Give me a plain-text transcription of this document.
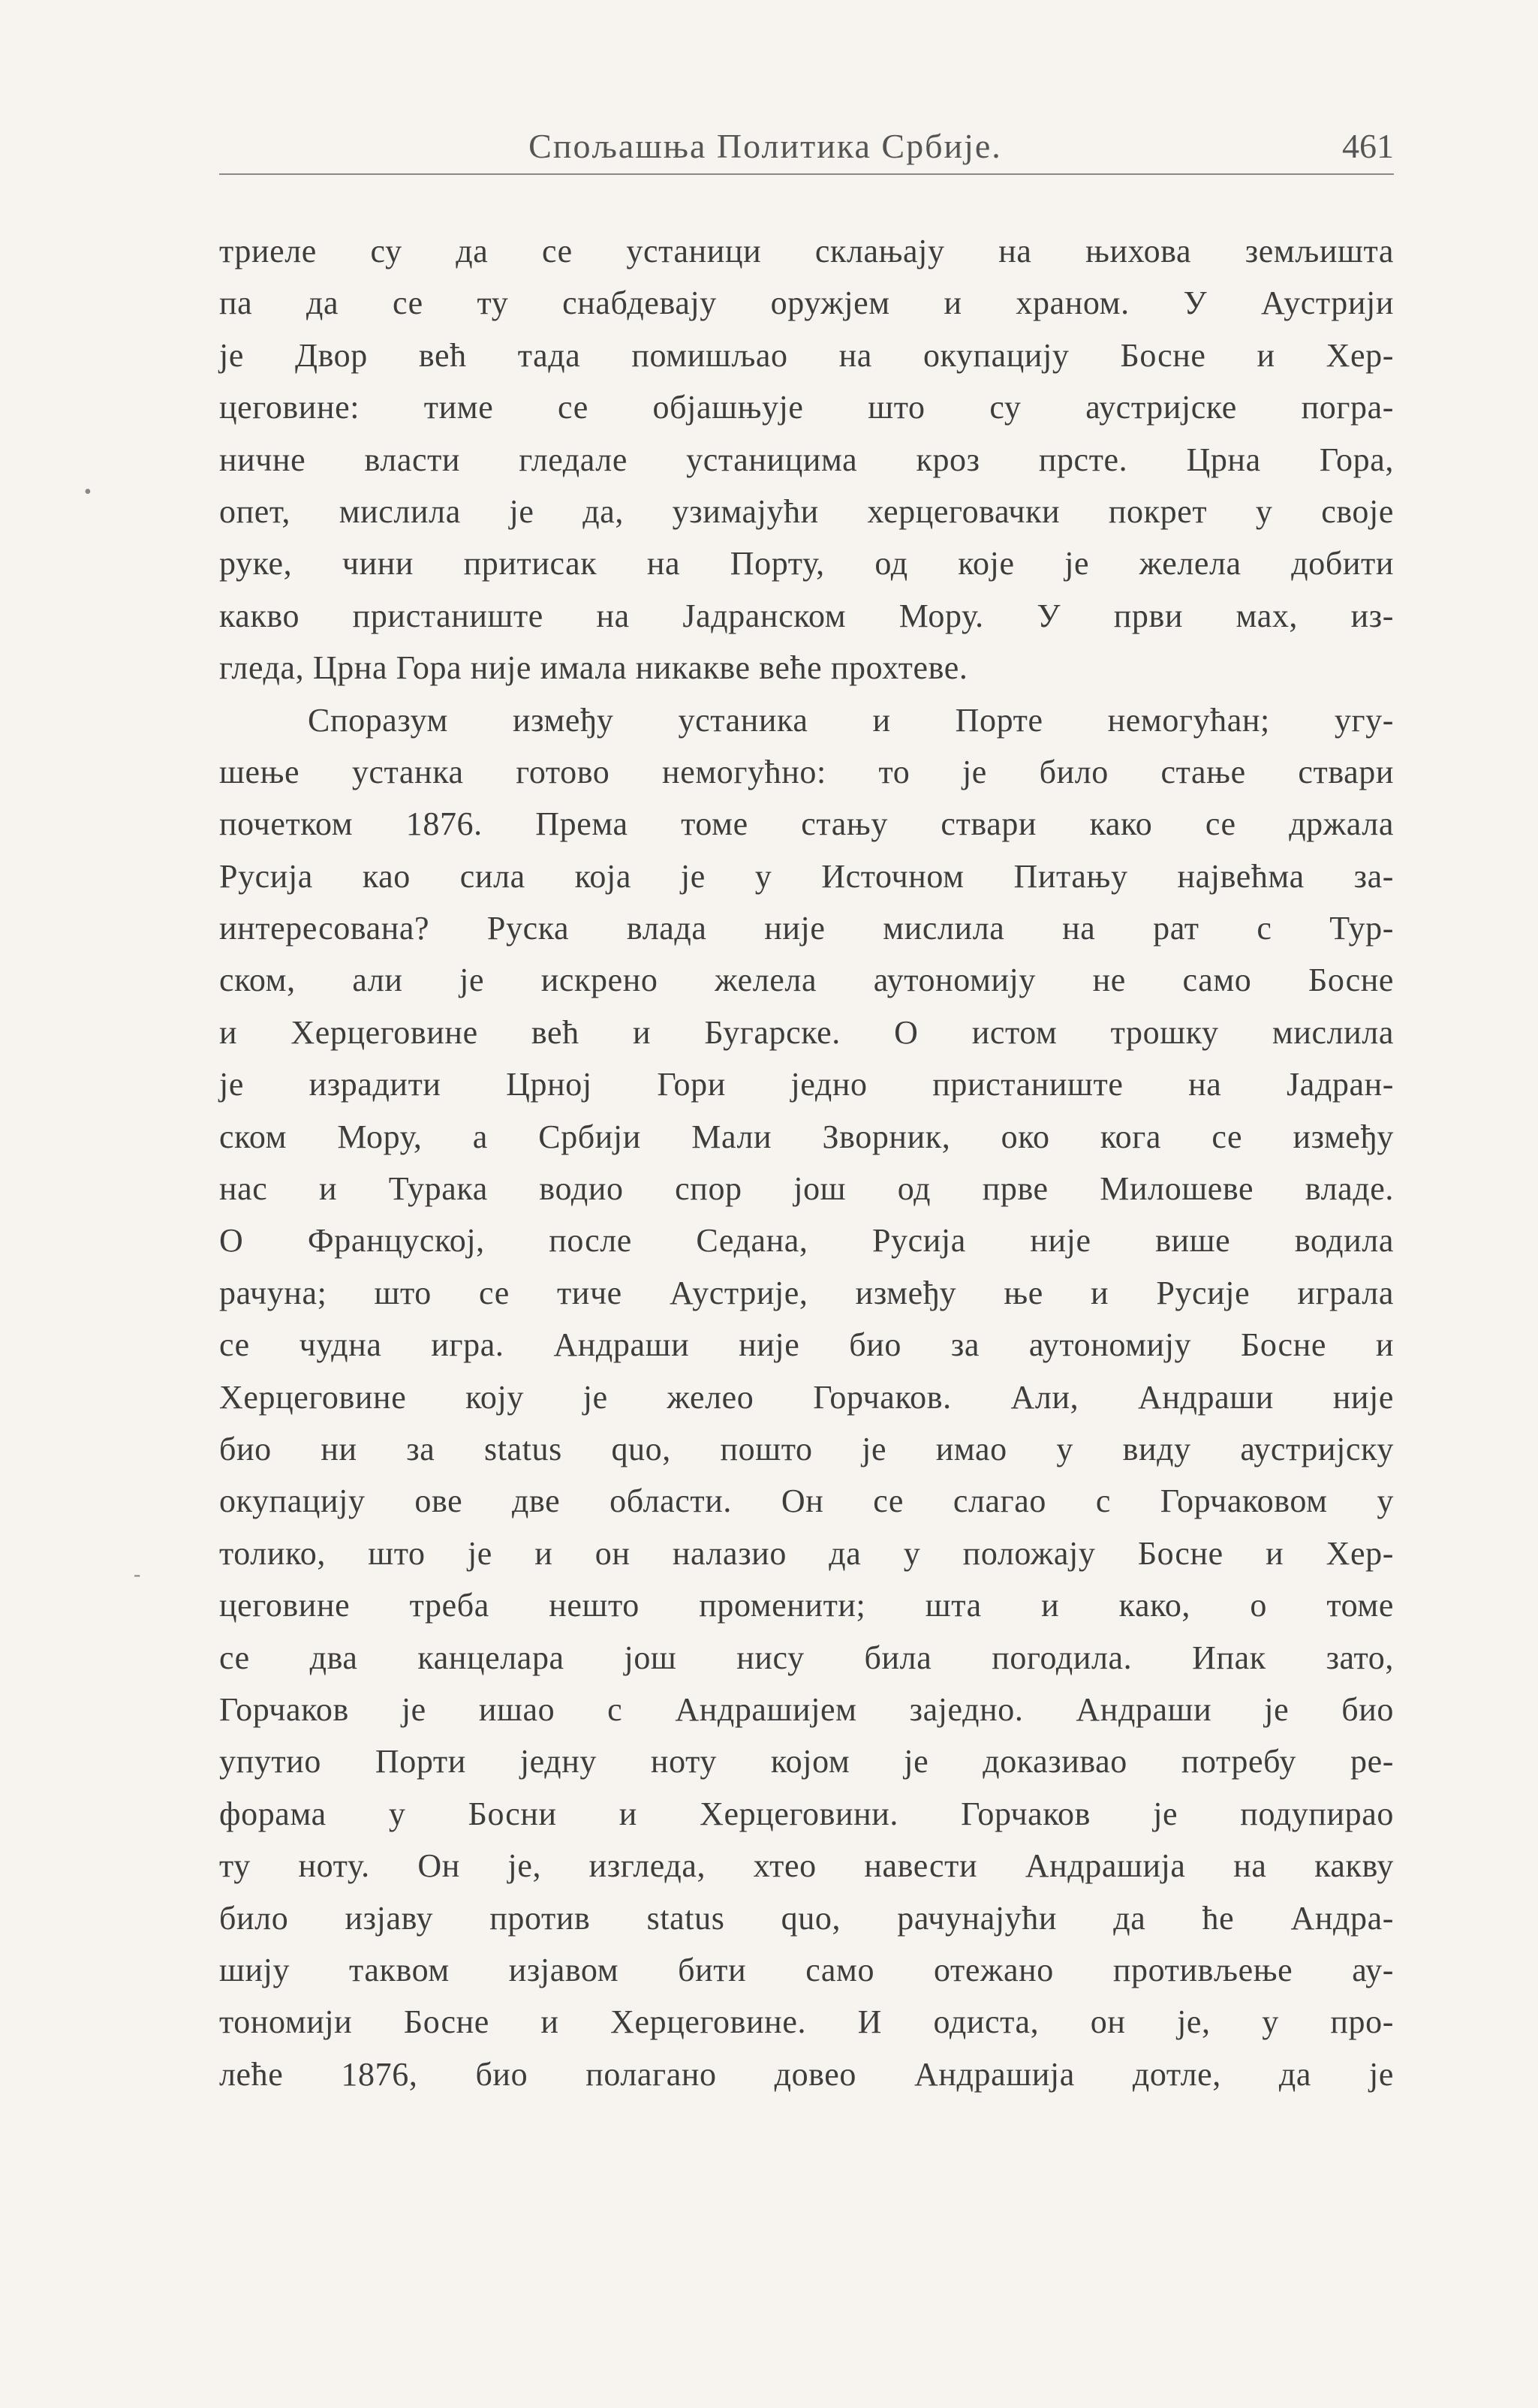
Спољашња Политика Србије.	461
•
-
триеле су да се устаници склањају на њихова земљишта
па да се ту снабдевају оружјем и храном. У Аустрији
је Двор већ тада помишљао на окупацију Босне и Хер-
цеговине: тиме се објашњује што су аустријске погра-
ничне власти гледале устаницима кроз прсте. Црна Гора,
опет, мислила је да, узимајући херцеговачки покрет у своје
руке, чини притисак на Порту, од које је желела добити
какво пристаниште на Јадранском Мору. У први мах, из-
гледа, Црна Гора није имала никакве веће прохтеве.
Споразум између устаника и Порте немогућан; угу-
шење устанка готово немогућно: то је било стање ствари
почетком 1876. Према томе стању ствари како се држала
Русија као сила која је у Источном Питању највећма за-
интересована? Руска влада није мислила на рат с Тур-
ском, али је искрено желела аутономију не само Босне
и Херцеговине већ и Бугарске. О истом трошку мислила
је израдити Црној Гори једно пристаниште на Јадран-
ском Мору, а Србији Мали Зворник, око кога се између
нас и Турака водио спор још од прве Милошеве владе.
О Француској, после Седана, Русија није више водила
рачуна; што се тиче Аустрије, између ње и Русије играла
се чудна игра. Андраши није био за аутономију Босне и
Херцеговине коју је желео Горчаков. Али, Андраши није
био ни за status quo, пошто је имао у виду аустријску
окупацију ове две области. Он се слагао с Горчаковом у
толико, што је и он налазио да у положају Босне и Хер-
цеговине треба нешто променити; шта и како, о томе
се два канцелара још нису била погодила. Ипак зато,
Горчаков је ишао с Андрашијем заједно. Андраши је био
упутио Порти једну ноту којом је доказивао потребу ре-
форама у Босни и Херцеговини. Горчаков је подупирао
ту ноту. Он је, изгледа, хтео навести Андрашија на какву
било изјаву против status quo, рачунајући да ће Андра-
шију таквом изјавом бити само отежано противљење ау-
тономији Босне и Херцеговине. И одиста, он је, у про-
леће 1876, био полагано довео Андрашија дотле, да је
